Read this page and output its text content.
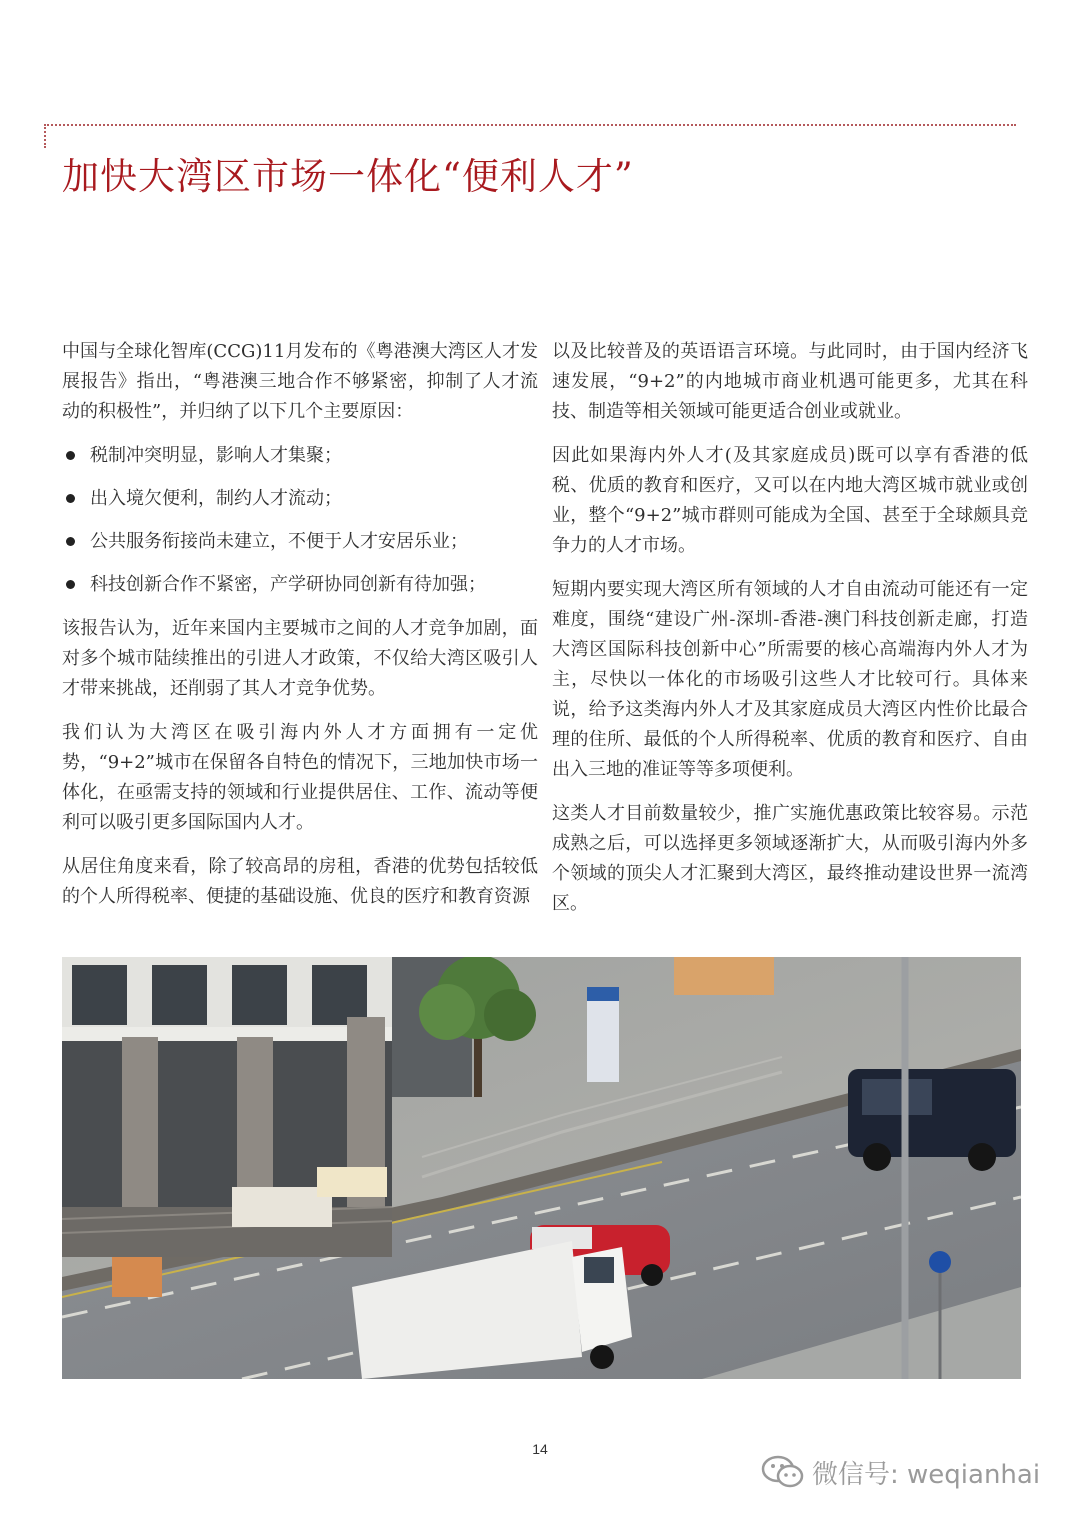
加快大湾区市场一体化“便利人才”

中国与全球化智库(CCG)11月发布的《粤港澳大湾区人才发展报告》指出，“粤港澳三地合作不够紧密，抑制了人才流动的积极性”，并归纳了以下几个主要原因：

税制冲突明显，影响人才集聚；
出入境欠便利，制约人才流动；
公共服务衔接尚未建立，不便于人才安居乐业；
科技创新合作不紧密，产学研协同创新有待加强；

该报告认为，近年来国内主要城市之间的人才竞争加剧，面对多个城市陆续推出的引进人才政策，不仅给大湾区吸引人才带来挑战，还削弱了其人才竞争优势。

我们认为大湾区在吸引海内外人才方面拥有一定优势，“9+2”城市在保留各自特色的情况下，三地加快市场一体化，在亟需支持的领域和行业提供居住、工作、流动等便利可以吸引更多国际国内人才。

从居住角度来看，除了较高昂的房租，香港的优势包括较低的个人所得税率、便捷的基础设施、优良的医疗和教育资源

以及比较普及的英语语言环境。与此同时，由于国内经济飞速发展，“9+2”的内地城市商业机遇可能更多，尤其在科技、制造等相关领域可能更适合创业或就业。

因此如果海内外人才(及其家庭成员)既可以享有香港的低税、优质的教育和医疗，又可以在内地大湾区城市就业或创业，整个“9+2”城市群则可能成为全国、甚至于全球颇具竞争力的人才市场。

短期内要实现大湾区所有领域的人才自由流动可能还有一定难度，围绕“建设广州-深圳-香港-澳门科技创新走廊，打造大湾区国际科技创新中心”所需要的核心高端海内外人才为主，尽快以一体化的市场吸引这些人才比较可行。具体来说，给予这类海内外人才及其家庭成员大湾区内性价比最合理的住所、最低的个人所得税率、优质的教育和医疗、自由出入三地的准证等等多项便利。

这类人才目前数量较少，推广实施优惠政策比较容易。示范成熟之后，可以选择更多领域逐渐扩大，从而吸引海内外多个领域的顶尖人才汇聚到大湾区，最终推动建设世界一流湾区。

14
微信号: weqianhai
